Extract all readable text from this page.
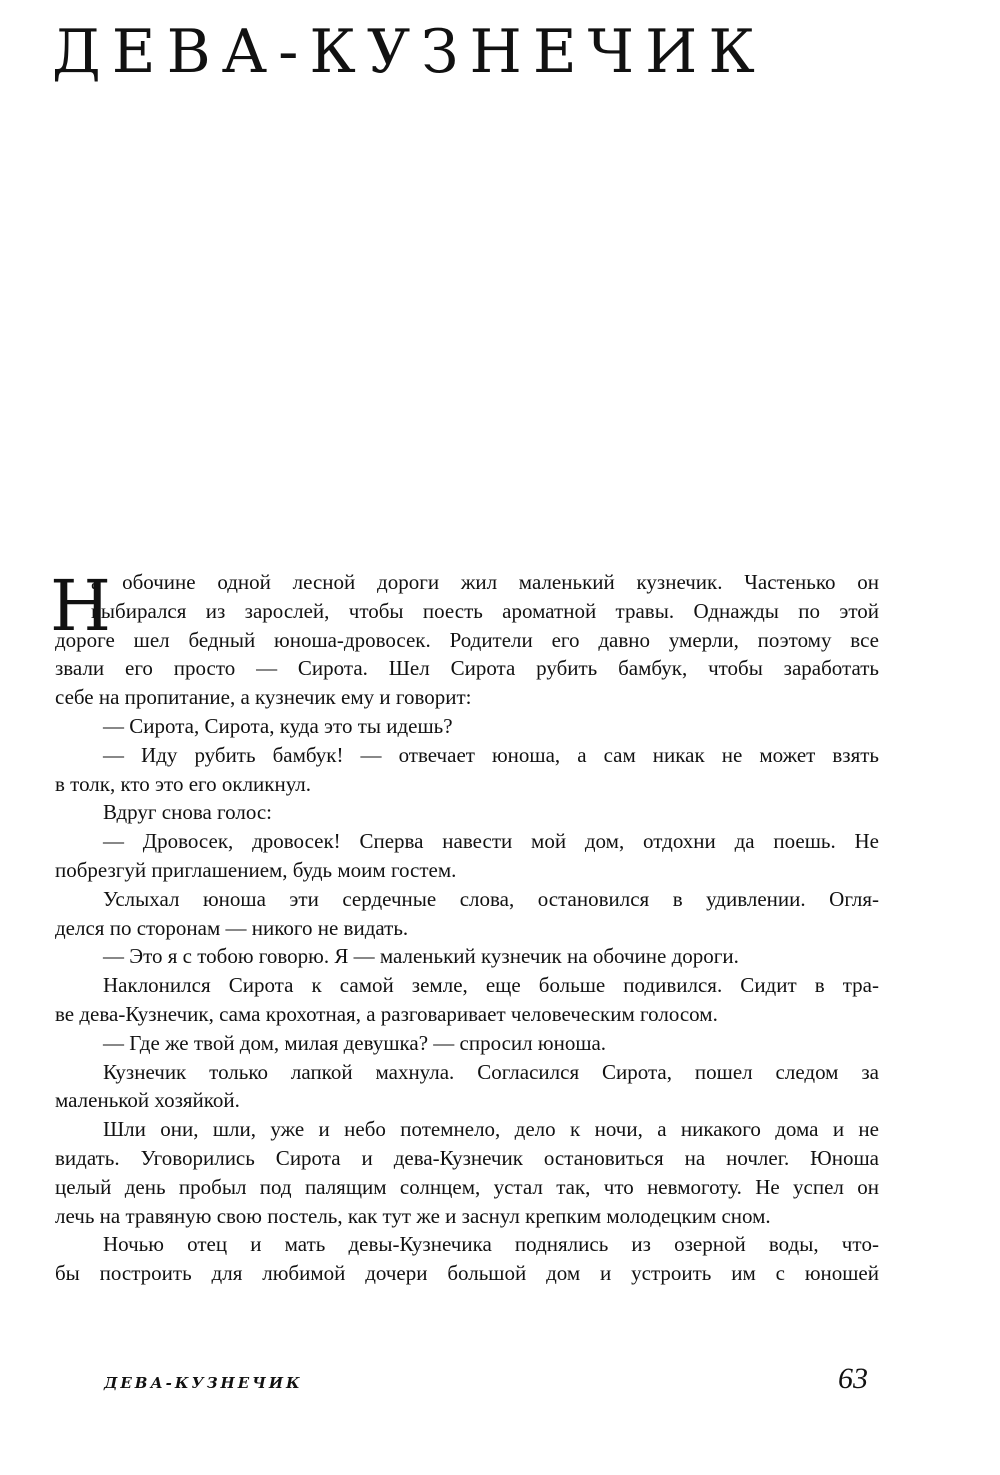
ДЕВА-КУЗНЕЧИК
Н
а обочине одной лесной дороги жил маленький кузнечик. Частенько он
выбирался из зарослей, чтобы поесть ароматной травы. Однажды по этой
дороге шел бедный юноша-дровосек. Родители его давно умерли, поэтому все
звали его просто — Сирота. Шел Сирота рубить бамбук, чтобы заработать
себе на пропитание, а кузнечик ему и говорит:
— Сирота, Сирота, куда это ты идешь?
— Иду рубить бамбук! — отвечает юноша, а сам никак не может взять
в толк, кто это его окликнул.
Вдруг снова голос:
— Дровосек, дровосек! Сперва навести мой дом, отдохни да поешь. Не
побрезгуй приглашением, будь моим гостем.
Услыхал юноша эти сердечные слова, остановился в удивлении. Огля-
делся по сторонам — никого не видать.
— Это я с тобою говорю. Я — маленький кузнечик на обочине дороги.
Наклонился Сирота к самой земле, еще больше подивился. Сидит в тра-
ве дева-Кузнечик, сама крохотная, а разговаривает человеческим голосом.
— Где же твой дом, милая девушка? — спросил юноша.
Кузнечик только лапкой махнула. Согласился Сирота, пошел следом за
маленькой хозяйкой.
Шли они, шли, уже и небо потемнело, дело к ночи, а никакого дома и не
видать. Уговорились Сирота и дева-Кузнечик остановиться на ночлег. Юноша
целый день пробыл под палящим солнцем, устал так, что невмоготу. Не успел он
лечь на травяную свою постель, как тут же и заснул крепким молодецким сном.
Ночью отец и мать девы-Кузнечика поднялись из озерной воды, чтo-
бы построить для любимой дочери большой дом и устроить им с юношей
ДЕВА-КУЗНЕЧИК	63
